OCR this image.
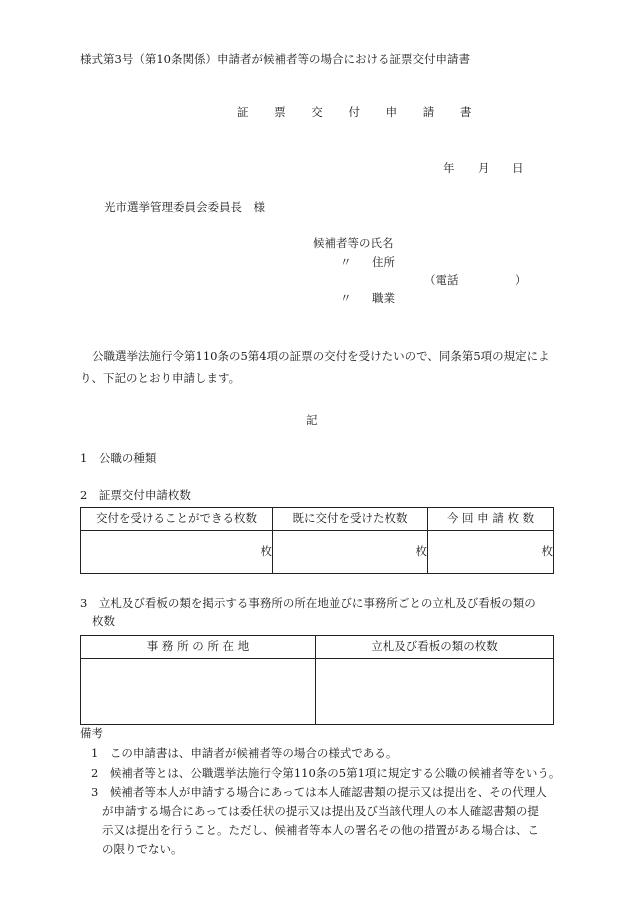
様式第3号（第10条関係）申請者が候補者等の場合における証票交付申請書
証 票 交 付 申 請 書
年 月 日
光市選挙管理委員会委員長　様
候補者等の氏名
〃 住所
（電話	）
〃 職業
公職選挙法施行令第110条の5第4項の証票の交付を受けたいので、同条第5項の規定によ
り、下記のとおり申請します。
記
1　公職の種類
2　証票交付申請枚数
交付を受けることができる枚数	既に交付を受けた枚数	今 回 申 請 枚 数
枚	枚	枚
3　立札及び看板の類を掲示する事務所の所在地並びに事務所ごとの立札及び看板の類の
枚数
事 務 所 の 所 在 地	立札及び看板の類の枚数

備考
1　この申請書は、申請者が候補者等の場合の様式である。
2　候補者等とは、公職選挙法施行令第110条の5第1項に規定する公職の候補者等をいう。
3　候補者等本人が申請する場合にあっては本人確認書類の提示又は提出を、その代理人
が申請する場合にあっては委任状の提示又は提出及び当該代理人の本人確認書類の提
示又は提出を行うこと。ただし、候補者等本人の署名その他の措置がある場合は、こ
の限りでない。
